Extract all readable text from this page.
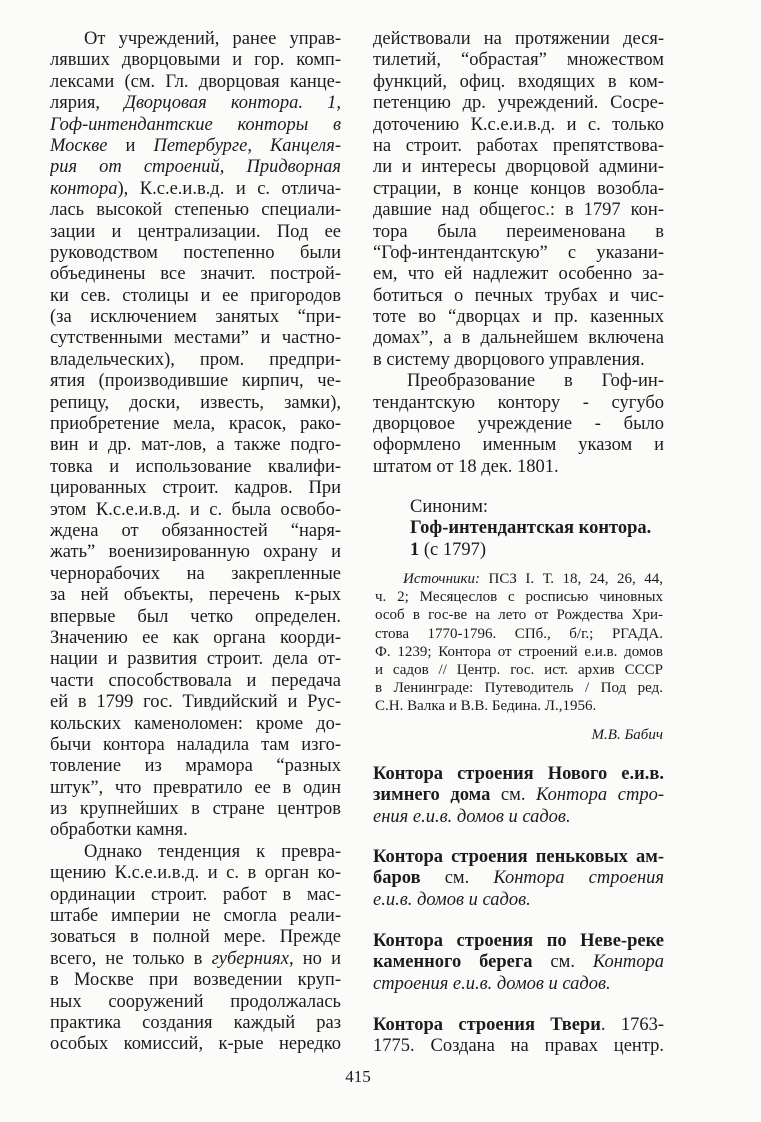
От учреждений, ранее управ-
лявших дворцовыми и гор. комп-
лексами (см. Гл. дворцовая канце-
лярия, Дворцовая контора. 1,
Гоф-интендантские конторы в
Москве и Петербурге, Канцеля-
рия от строений, Придворная
контора), К.с.е.и.в.д. и с. отлича-
лась высокой степенью специали-
зации и централизации. Под ее
руководством постепенно были
объединены все значит. построй-
ки сев. столицы и ее пригородов
(за исключением занятых “при-
сутственными местами” и частно-
владельческих), пром. предпри-
ятия (производившие кирпич, че-
репицу, доски, известь, замки),
приобретение мела, красок, рако-
вин и др. мат-лов, а также подго-
товка и использование квалифи-
цированных строит. кадров. При
этом К.с.е.и.в.д. и с. была освобо-
ждена от обязанностей “наря-
жать” военизированную охрану и
чернорабочих на закрепленные
за ней объекты, перечень к-рых
впервые был четко определен.
Значению ее как органа коорди-
нации и развития строит. дела от-
части способствовала и передача
ей в 1799 гос. Тивдийский и Рус-
кольских каменоломен: кроме до-
бычи контора наладила там изго-
товление из мрамора “разных
штук”, что превратило ее в один
из крупнейших в стране центров
обработки камня.
Однако тенденция к превра-
щению К.с.е.и.в.д. и с. в орган ко-
ординации строит. работ в мас-
штабе империи не смогла реали-
зоваться в полной мере. Прежде
всего, не только в губерниях, но и
в Москве при возведении круп-
ных сооружений продолжалась
практика создания каждый раз
особых комиссий, к-рые нередко
действовали на протяжении деся-
тилетий, “обрастая” множеством
функций, офиц. входящих в ком-
петенцию др. учреждений. Сосре-
доточению К.с.е.и.в.д. и с. только
на строит. работах препятствова-
ли и интересы дворцовой админи-
страции, в конце концов возобла-
давшие над общегос.: в 1797 кон-
тора была переименована в
“Гоф-интендантскую” с указани-
ем, что ей надлежит особенно за-
ботиться о печных трубах и чис-
тоте во “дворцах и пр. казенных
домах”, а в дальнейшем включена
в систему дворцового управления.
Преобразование в Гоф-ин-
тендантскую контору - сугубо
дворцовое учреждение - было
оформлено именным указом и
штатом от 18 дек. 1801.
Синоним:
Гоф-интендантская контора.
1 (с 1797)
Источники: ПСЗ I. Т. 18, 24, 26, 44,
ч. 2; Месяцеслов с росписью чиновных
особ в гос-ве на лето от Рождества Хри-
стова 1770-1796. СПб., б/г.; РГАДА.
Ф. 1239; Контора от строений е.и.в. домов
и садов // Центр. гос. ист. архив СССР
в Ленинграде: Путеводитель / Под ред.
С.Н. Валка и В.В. Бедина. Л.,1956.
М.В. Бабич
Контора строения Нового е.и.в.
зимнего дома см. Контора стро-
ения е.и.в. домов и садов.
Контора строения пеньковых ам-
баров см. Контора строения
е.и.в. домов и садов.
Контора строения по Неве-реке
каменного берега см. Контора
строения е.и.в. домов и садов.
Контора строения Твери. 1763-
1775. Создана на правах центр.
415
